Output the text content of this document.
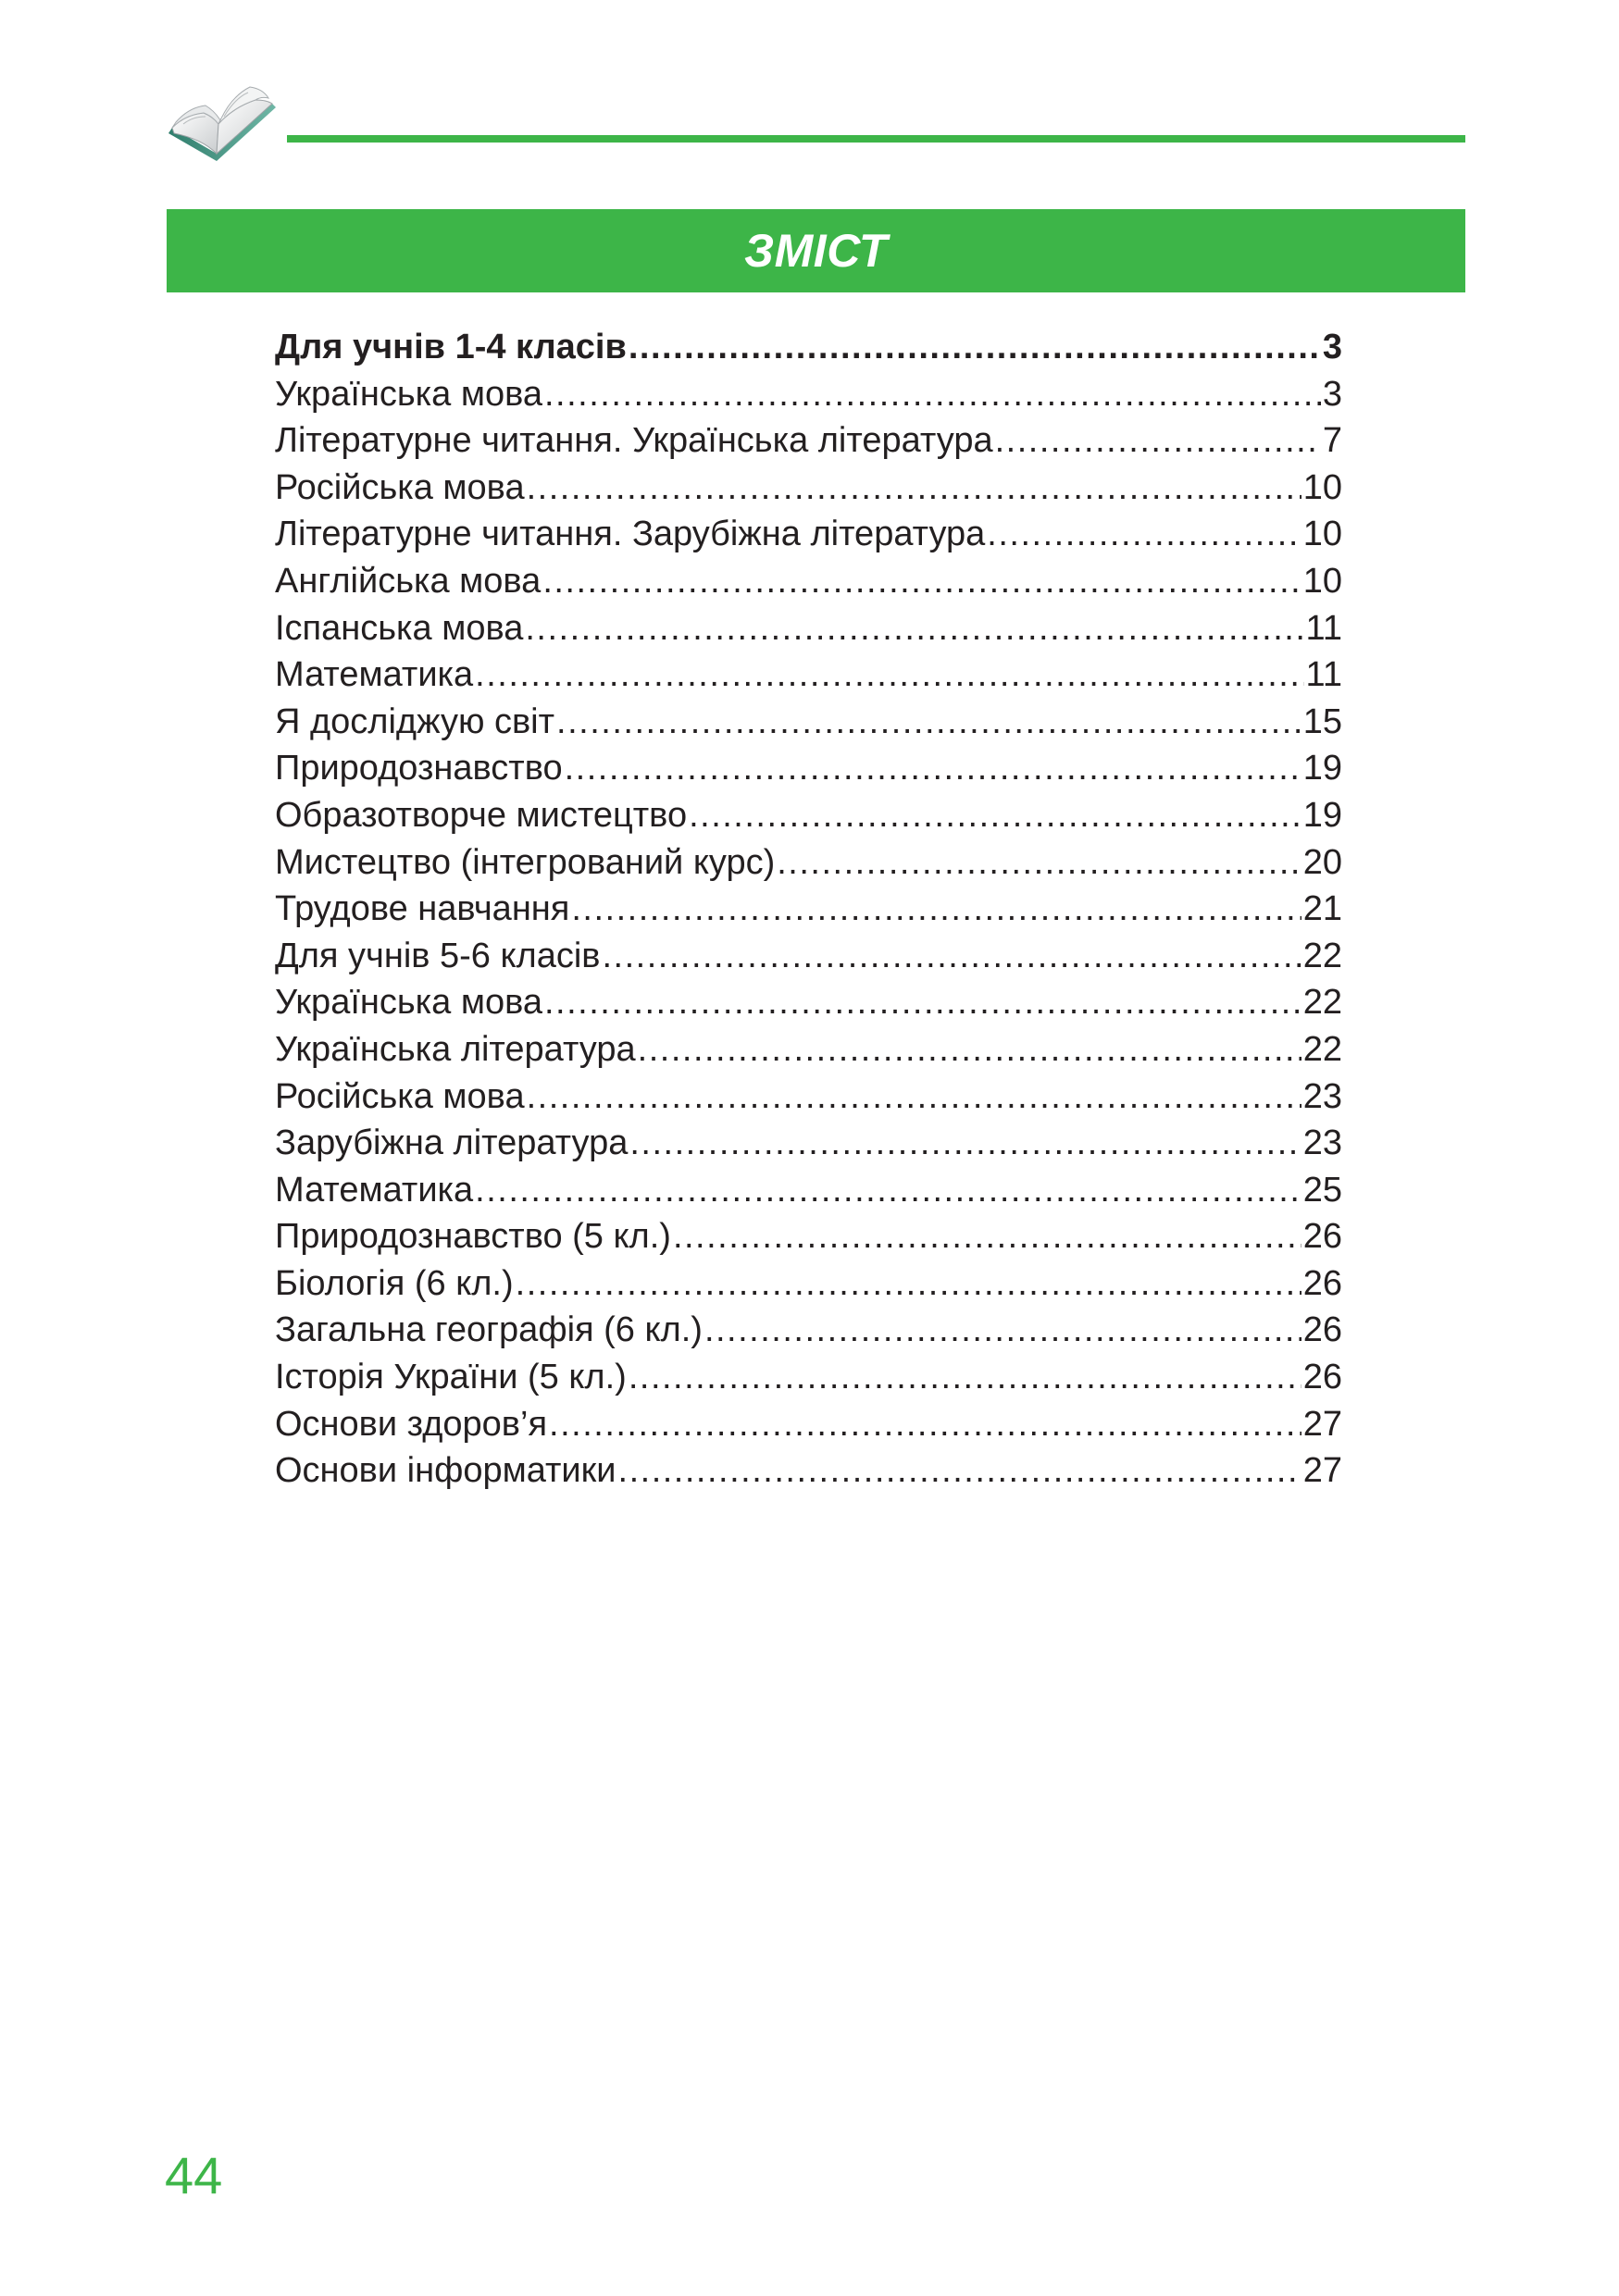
ЗМІСТ
Для учнів 1-4 класів .....	3
Українська мова .....	3
Літературне читання. Українська література .....	7
Російська мова .....	10
Літературне читання. Зарубіжна література .....	10
Англійська мова .....	10
Іспанська мова .....	11
Математика .....	11
Я досліджую світ .....	15
Природознавство .....	19
Образотворче мистецтво .....	19
Мистецтво (інтегрований курс) .....	20
Трудове навчання .....	21
Для учнів 5-6 класів .....	22
Українська мова .....	22
Українська література .....	22
Російська мова .....	23
Зарубіжна література .....	23
Математика .....	25
Природознавство (5 кл.) .....	26
Біологія (6 кл.) .....	26
Загальна географія (6 кл.) .....	26
Історія України (5 кл.) .....	26
Основи здоров’я .....	27
Основи інформатики .....	27
44
